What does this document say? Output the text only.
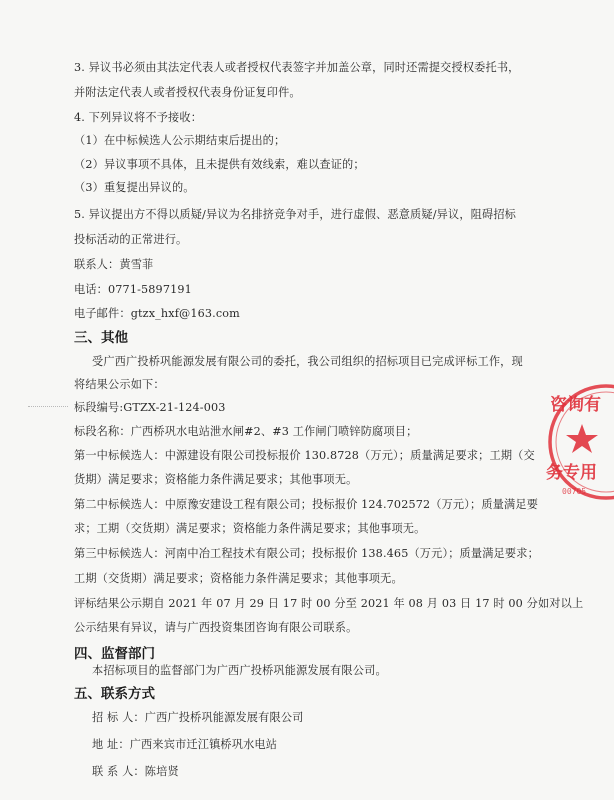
3. 异议书必须由其法定代表人或者授权代表签字并加盖公章，同时还需提交授权委托书，
并附法定代表人或者授权代表身份证复印件。
4. 下列异议将不予接收：
（1）在中标候选人公示期结束后提出的；
（2）异议事项不具体，且未提供有效线索，难以查证的；
（3）重复提出异议的。
5. 异议提出方不得以质疑/异议为名排挤竞争对手，进行虚假、恶意质疑/异议，阻碍招标
投标活动的正常进行。
联系人：黄雪菲
电话：0771-5897191
电子邮件：gtzx_hxf@163.com
三、其他
受广西广投桥巩能源发展有限公司的委托，我公司组织的招标项目已完成评标工作，现
将结果公示如下：
标段编号:GTZX-21-124-003
标段名称：广西桥巩水电站泄水闸#2、#3 工作闸门喷锌防腐项目；
第一中标候选人：中源建设有限公司投标报价 130.8728（万元）；质量满足要求；工期（交
货期）满足要求；资格能力条件满足要求；其他事项无。
第二中标候选人：中原豫安建设工程有限公司；投标报价 124.702572（万元）；质量满足要
求；工期（交货期）满足要求；资格能力条件满足要求；其他事项无。
第三中标候选人：河南中冶工程技术有限公司；投标报价 138.465（万元）；质量满足要求；
工期（交货期）满足要求；资格能力条件满足要求；其他事项无。
评标结果公示期自 2021 年 07 月 29 日 17 时 00 分至 2021 年 08 月 03 日 17 时 00 分如对以上
公示结果有异议，请与广西投资集团咨询有限公司联系。
四、监督部门
本招标项目的监督部门为广西广投桥巩能源发展有限公司。
五、联系方式
招 标 人：广西广投桥巩能源发展有限公司
地 址：广西来宾市迁江镇桥巩水电站
联 系 人：陈培贤
咨询有
务专用
00705
